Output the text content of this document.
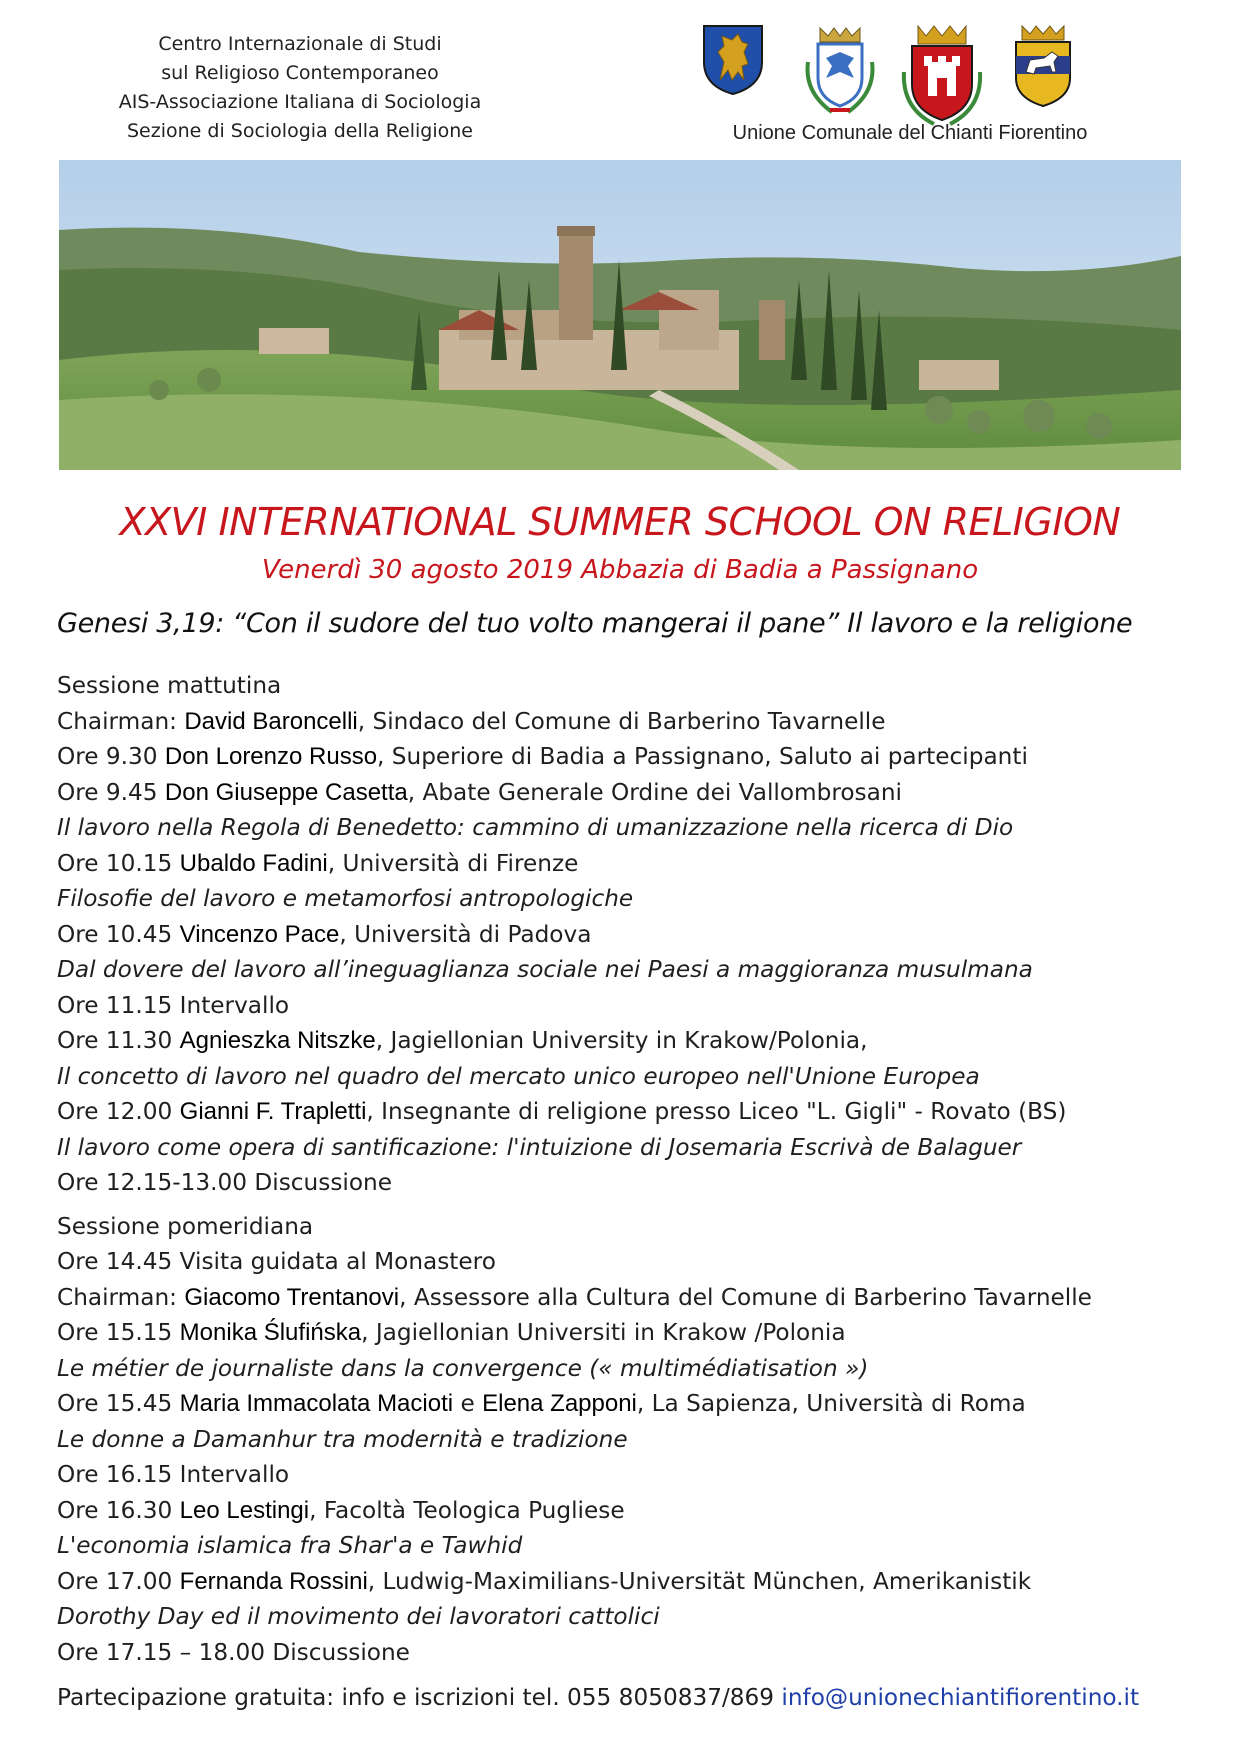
Centro Internazionale di Studi
sul Religioso Contemporaneo
AIS-Associazione Italiana di Sociologia
Sezione di Sociologia della Religione	Unione Comunale del Chianti Fiorentino
XXVI INTERNATIONAL SUMMER SCHOOL ON RELIGION
Venerdì 30 agosto 2019 Abbazia di Badia a Passignano
Genesi 3,19: “Con il sudore del tuo volto mangerai il pane” Il lavoro e la religione
Sessione mattutina
Chairman: David Baroncelli, Sindaco del Comune di Barberino Tavarnelle
Ore 9.30 Don Lorenzo Russo, Superiore di Badia a Passignano, Saluto ai partecipanti
Ore 9.45 Don Giuseppe Casetta, Abate Generale Ordine dei Vallombrosani
Il lavoro nella Regola di Benedetto: cammino di umanizzazione nella ricerca di Dio
Ore 10.15 Ubaldo Fadini, Università di Firenze
Filosofie del lavoro e metamorfosi antropologiche
Ore 10.45 Vincenzo Pace, Università di Padova
Dal dovere del lavoro all’ineguaglianza sociale nei Paesi a maggioranza musulmana
Ore 11.15 Intervallo
Ore 11.30 Agnieszka Nitszke, Jagiellonian University in Krakow/Polonia,
Il concetto di lavoro nel quadro del mercato unico europeo nell'Unione Europea
Ore 12.00 Gianni F. Trapletti, Insegnante di religione presso Liceo "L. Gigli" - Rovato (BS)
Il lavoro come opera di santificazione: l'intuizione di Josemaria Escrivà de Balaguer
Ore 12.15-13.00 Discussione
Sessione pomeridiana
Ore 14.45 Visita guidata al Monastero
Chairman: Giacomo Trentanovi, Assessore alla Cultura del Comune di Barberino Tavarnelle
Ore 15.15 Monika Ślufińska, Jagiellonian Universiti in Krakow /Polonia
Le métier de journaliste dans la convergence (« multimédiatisation »)
Ore 15.45 Maria Immacolata Macioti e Elena Zapponi, La Sapienza, Università di Roma
Le donne a Damanhur tra modernità e tradizione
Ore 16.15 Intervallo
Ore 16.30 Leo Lestingi, Facoltà Teologica Pugliese
L'economia islamica fra Shar'a e Tawhid
Ore 17.00 Fernanda Rossini, Ludwig-Maximilians-Universität München, Amerikanistik
Dorothy Day ed il movimento dei lavoratori cattolici
Ore 17.15 – 18.00 Discussione
Partecipazione gratuita: info e iscrizioni tel. 055 8050837/869 info@unionechiantifiorentino.it
